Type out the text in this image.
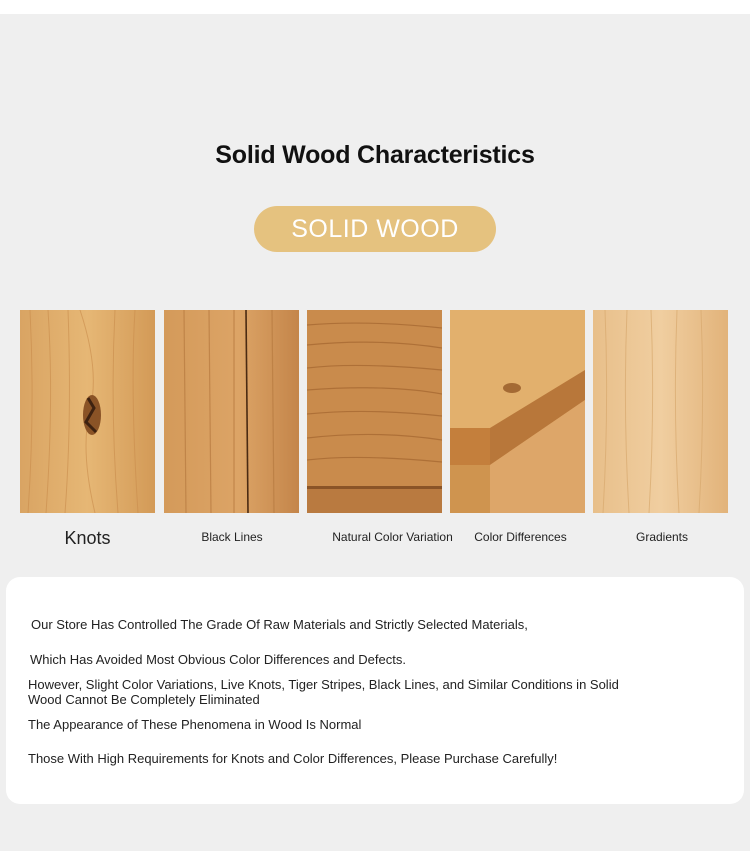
Solid Wood Characteristics
SOLID WOOD
Knots	Black Lines	Natural Color Variation	Color Differences	Gradients
Our Store Has Controlled The Grade Of Raw Materials and Strictly Selected Materials,
Which Has Avoided Most Obvious Color Differences and Defects.
However, Slight Color Variations, Live Knots, Tiger Stripes, Black Lines, and Similar Conditions in Solid Wood Cannot Be Completely Eliminated
The Appearance of These Phenomena in Wood Is Normal
Those With High Requirements for Knots and Color Differences, Please Purchase Carefully!
